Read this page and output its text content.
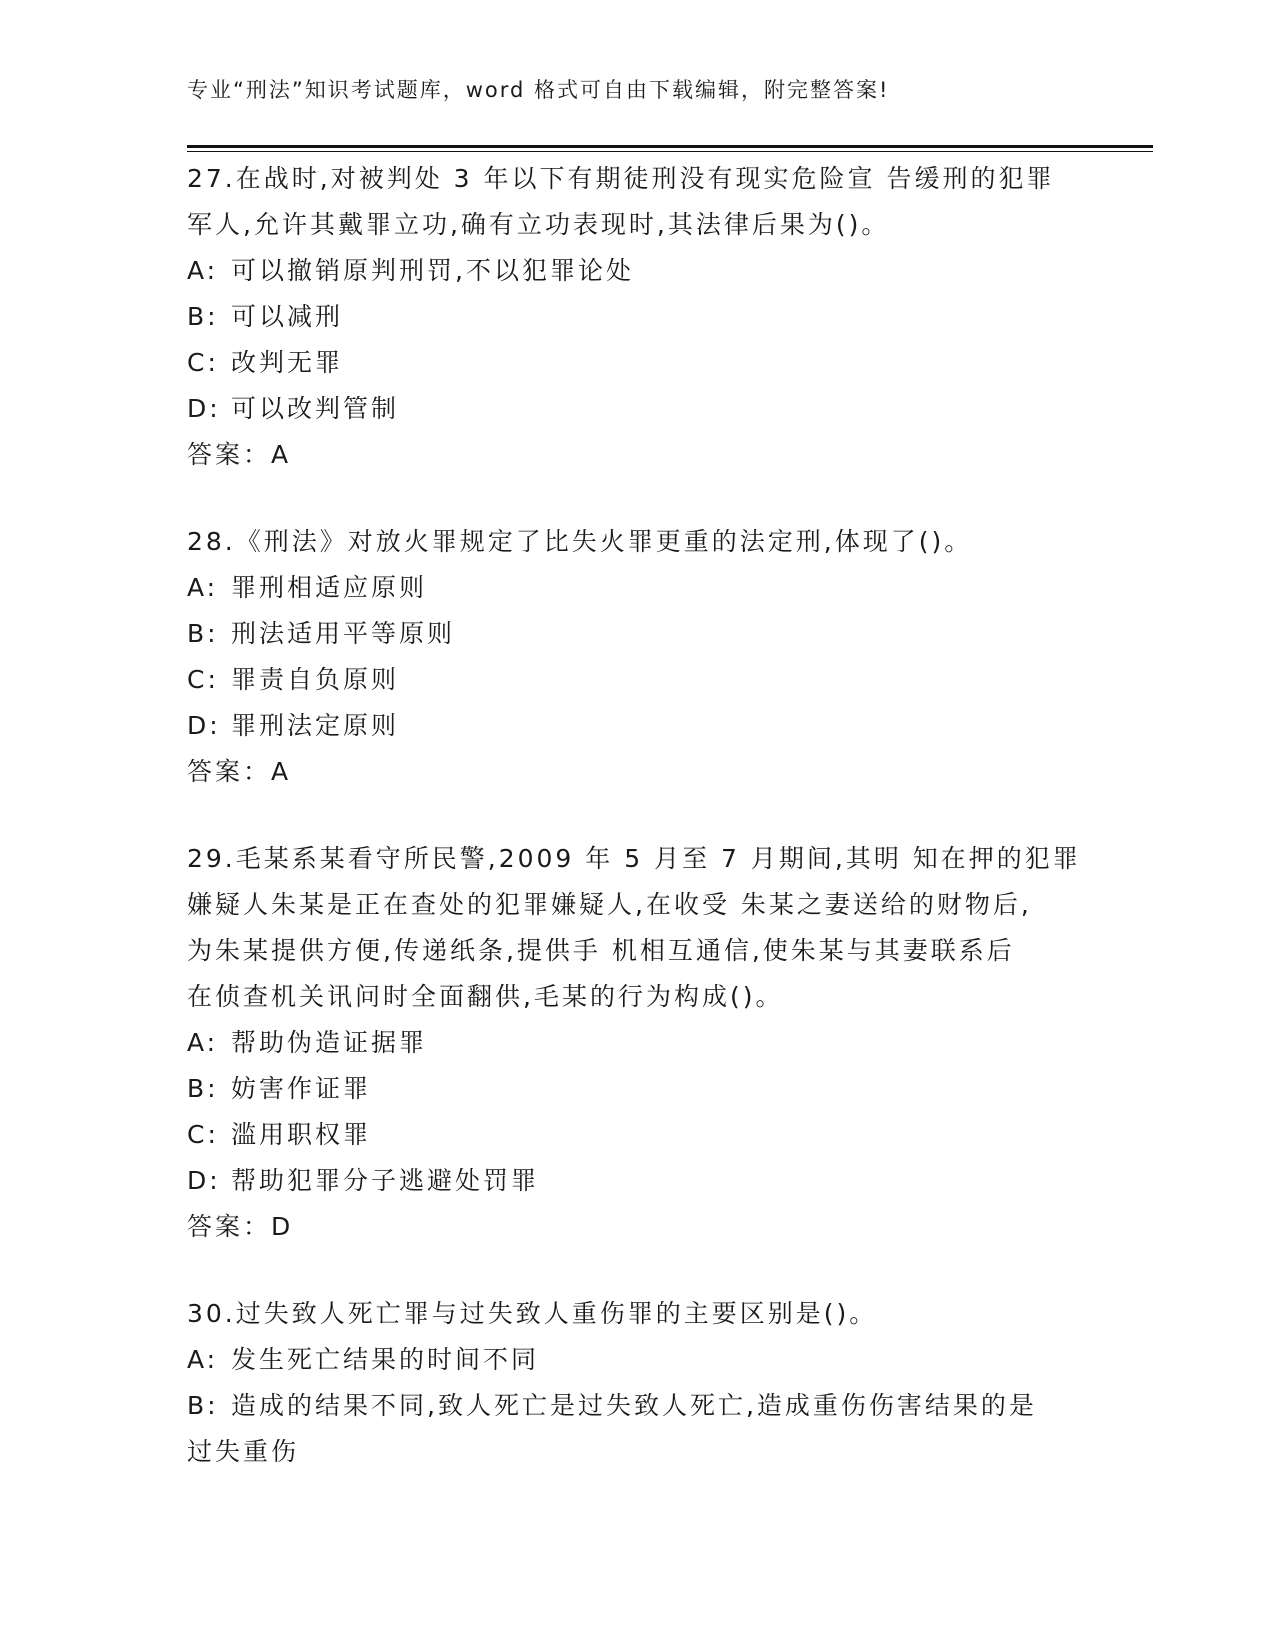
专业“刑法”知识考试题库，word 格式可自由下载编辑，附完整答案!
27.在战时,对被判处 3 年以下有期徒刑没有现实危险宣 告缓刑的犯罪
军人,允许其戴罪立功,确有立功表现时,其法律后果为()。
A: 可以撤销原判刑罚,不以犯罪论处
B: 可以减刑
C: 改判无罪
D: 可以改判管制
答案：A
28.《刑法》对放火罪规定了比失火罪更重的法定刑,体现了()。
A: 罪刑相适应原则
B: 刑法适用平等原则
C: 罪责自负原则
D: 罪刑法定原则
答案：A
29.毛某系某看守所民警,2009 年 5 月至 7 月期间,其明 知在押的犯罪
嫌疑人朱某是正在查处的犯罪嫌疑人,在收受 朱某之妻送给的财物后,
为朱某提供方便,传递纸条,提供手 机相互通信,使朱某与其妻联系后
在侦查机关讯问时全面翻供,毛某的行为构成()。
A: 帮助伪造证据罪
B: 妨害作证罪
C: 滥用职权罪
D: 帮助犯罪分子逃避处罚罪
答案：D
30.过失致人死亡罪与过失致人重伤罪的主要区别是()。
A: 发生死亡结果的时间不同
B: 造成的结果不同,致人死亡是过失致人死亡,造成重伤伤害结果的是
过失重伤
